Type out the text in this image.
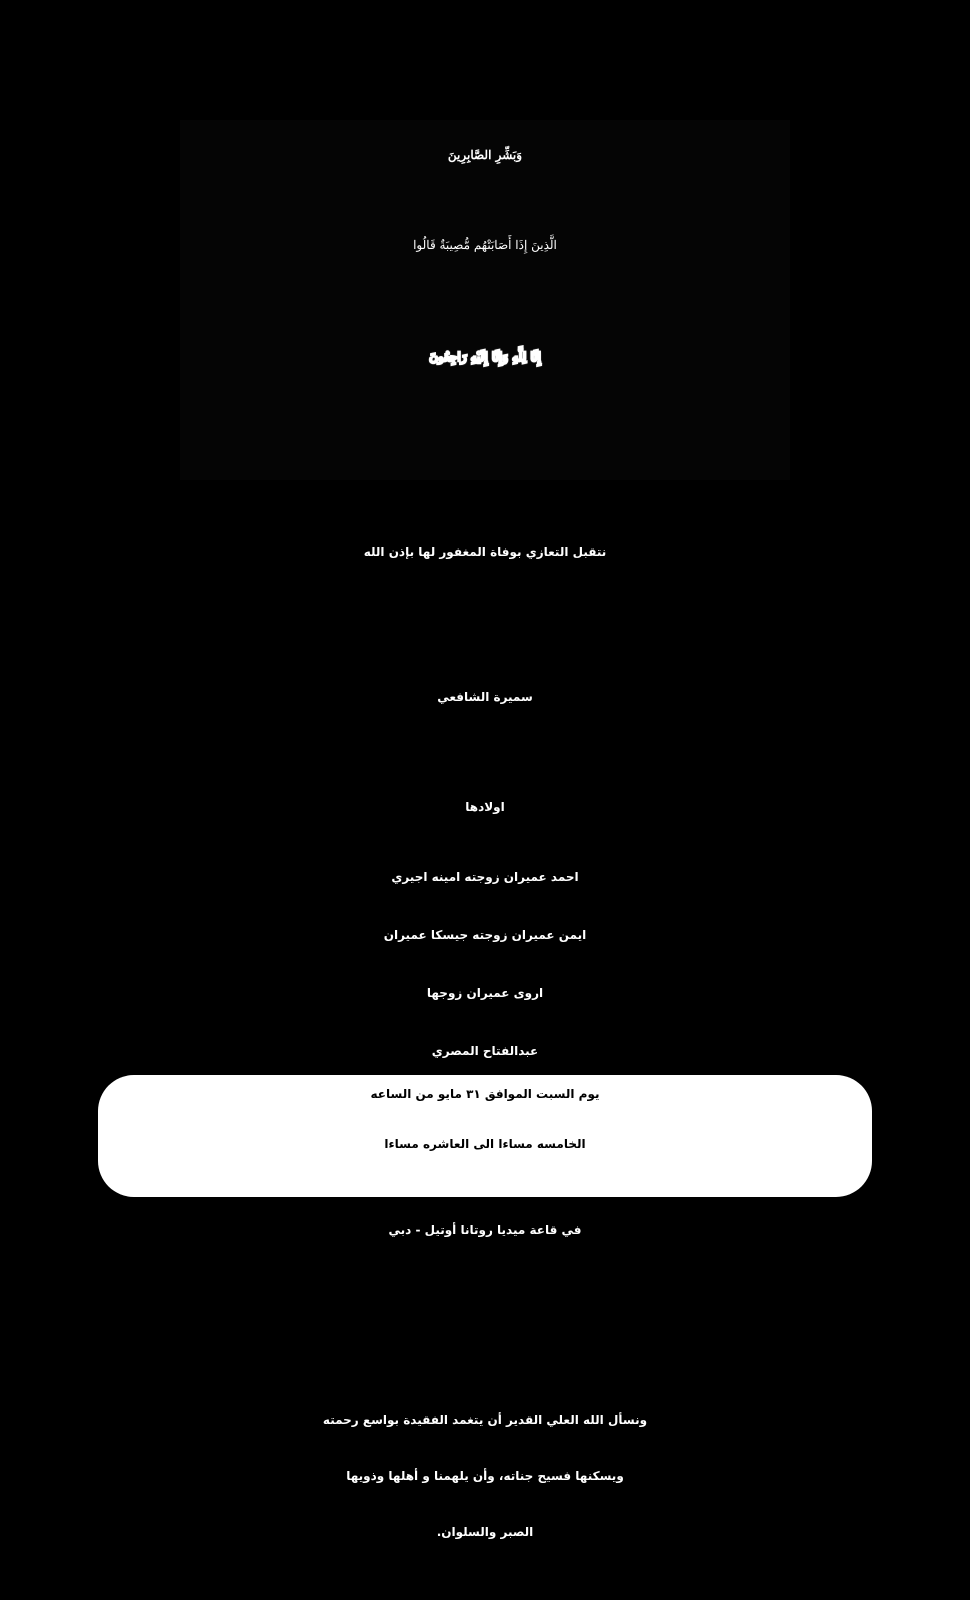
وَبَشِّرِ الصَّابِرِينَ
الَّذِينَ إِذَا أَصَابَتْهُم مُّصِيبَةٌ قَالُوا
إِنَّا لِلَّهِ وَإِنَّا إِلَيْهِ رَاجِعُونَ
نتقبل التعازي بوفاة المغفور لها بإذن الله
سميرة الشافعي
اولادها
احمد عميران زوجته امينه اجيري
ايمن عميران زوجته جيسكا عميران
اروى عميران زوجها
عبدالفتاح المصري
يوم السبت الموافق ٣١ مايو من الساعه
الخامسه مساءا الى العاشره مساءا
في قاعة ميديا روتانا أوتيل - دبي
ونسأل الله العلي القدير أن يتغمد الفقيدة بواسع رحمته
ويسكنها فسيح جناته، وأن يلهمنا و أهلها وذويها
الصبر والسلوان.
